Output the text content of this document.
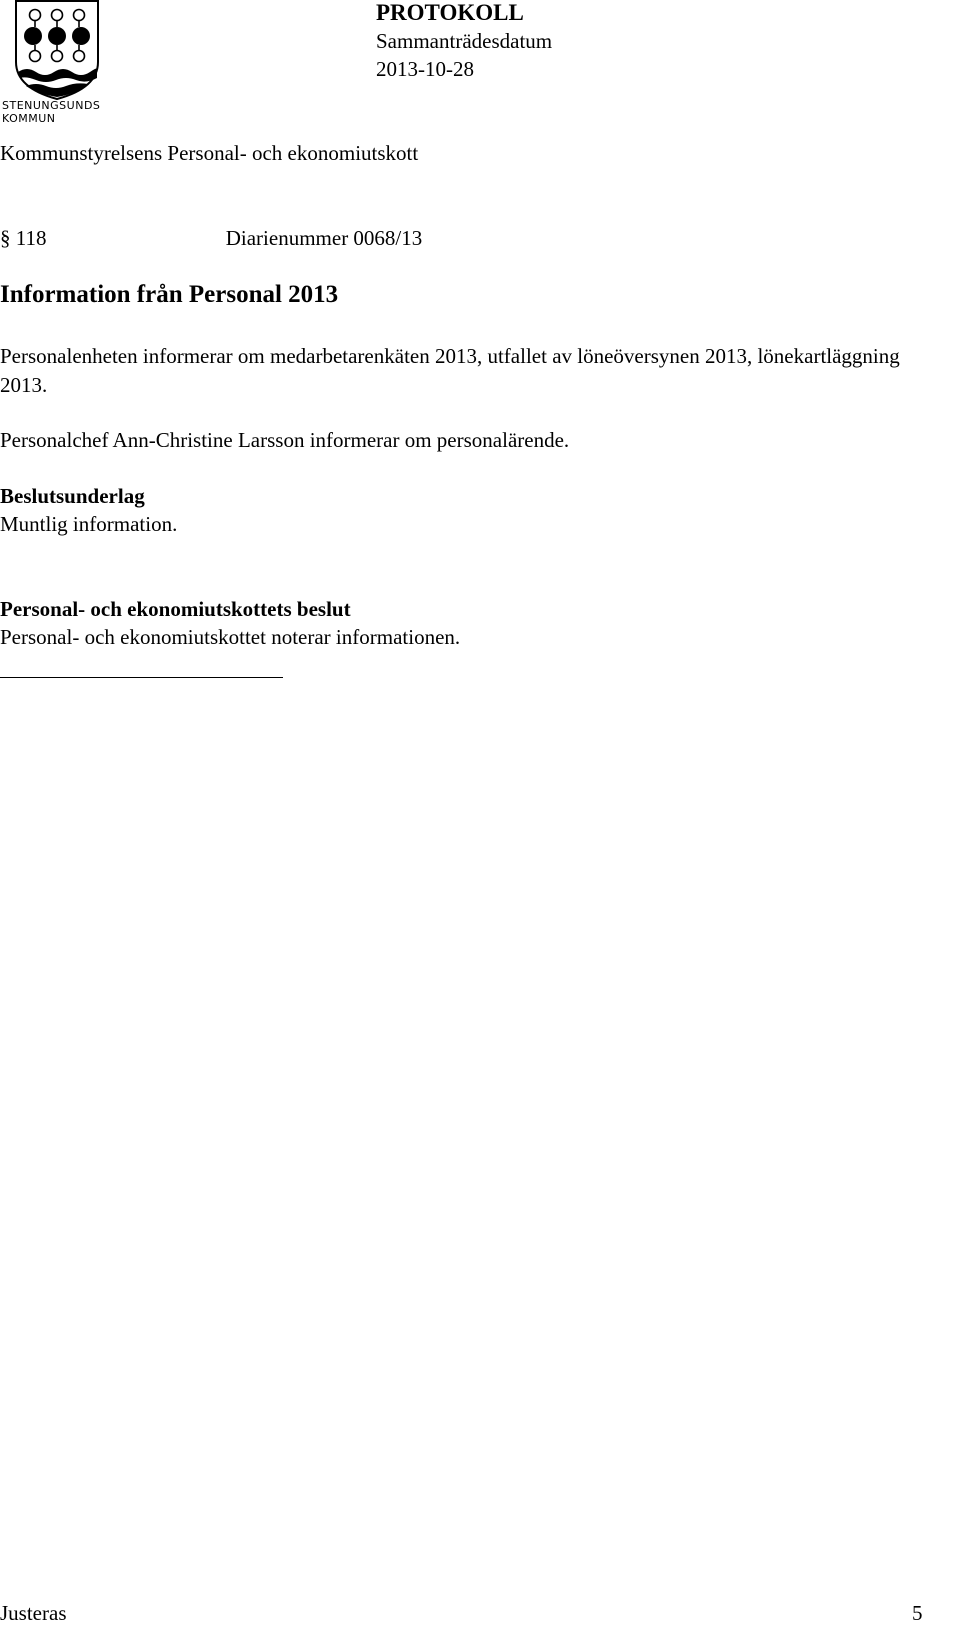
STENUNGSUNDS
KOMMUN
PROTOKOLL
Sammanträdesdatum
2013-10-28
Kommunstyrelsens Personal- och ekonomiutskott
§ 118	Diarienummer 0068/13
Information från Personal 2013
Personalenheten informerar om medarbetarenkäten 2013, utfallet av löneöversynen 2013, lönekartläggning 2013.
Personalchef Ann-Christine Larsson informerar om personalärende.
Beslutsunderlag
Muntlig information.
Personal- och ekonomiutskottets beslut
Personal- och ekonomiutskottet noterar informationen.
Justeras	5
